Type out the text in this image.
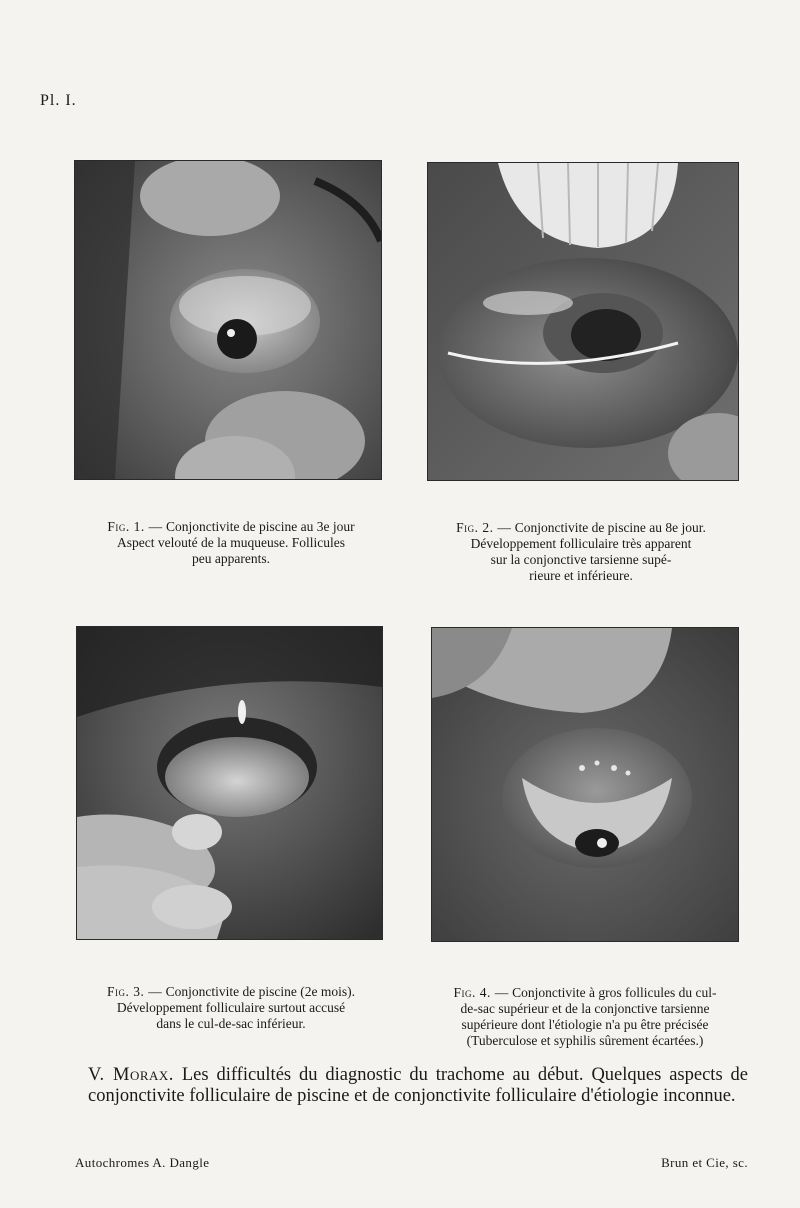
Pl. I.
Fig. 1. — Conjonctivite de piscine au 3e jour
Aspect velouté de la muqueuse. Follicules
peu apparents.
Fig. 2. — Conjonctivite de piscine au 8e jour.
Développement folliculaire très apparent
sur la conjonctive tarsienne supé-
rieure et inférieure.
Fig. 3. — Conjonctivite de piscine (2e mois).
Développement folliculaire surtout accusé
dans le cul-de-sac inférieur.
Fig. 4. — Conjonctivite à gros follicules du cul-
de-sac supérieur et de la conjonctive tarsienne
supérieure dont l'étiologie n'a pu être précisée
(Tuberculose et syphilis sûrement écartées.)
V. Morax. Les difficultés du diagnostic du trachome au début. Quelques aspects de conjonctivite folliculaire de piscine et de conjonctivite folliculaire d'étiologie inconnue.
Autochromes A. Dangle	Brun et Cie, sc.
